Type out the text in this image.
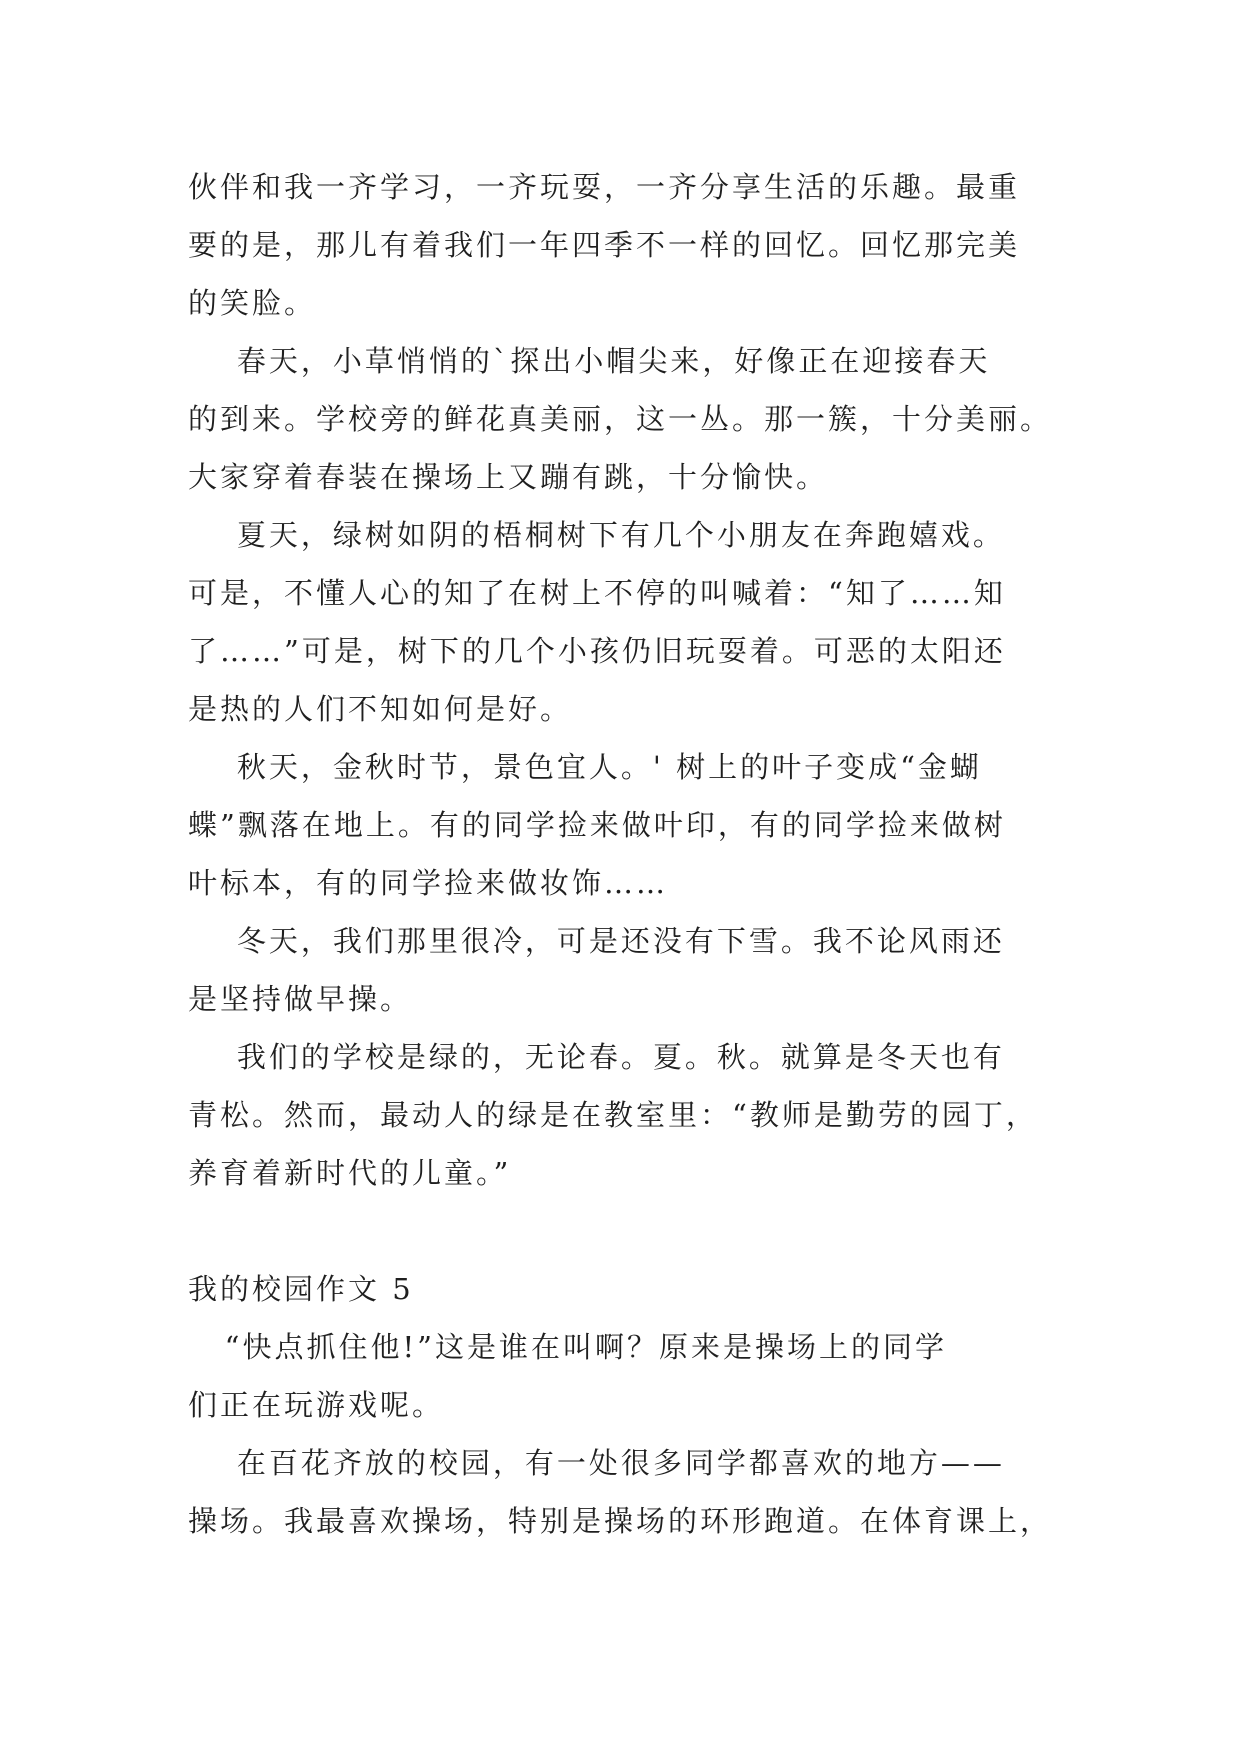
伙伴和我一齐学习，一齐玩耍，一齐分享生活的乐趣。最重
要的是，那儿有着我们一年四季不一样的回忆。回忆那完美
的笑脸。
春天，小草悄悄的`探出小帽尖来，好像正在迎接春天
的到来。学校旁的鲜花真美丽，这一丛。那一簇，十分美丽。
大家穿着春装在操场上又蹦有跳，十分愉快。
夏天，绿树如阴的梧桐树下有几个小朋友在奔跑嬉戏。
可是，不懂人心的知了在树上不停的叫喊着：“知了……知
了……”可是，树下的几个小孩仍旧玩耍着。可恶的太阳还
是热的人们不知如何是好。
秋天，金秋时节，景色宜人。' 树上的叶子变成“金蝴
蝶”飘落在地上。有的同学捡来做叶印，有的同学捡来做树
叶标本，有的同学捡来做妆饰……
冬天，我们那里很冷，可是还没有下雪。我不论风雨还
是坚持做早操。
我们的学校是绿的，无论春。夏。秋。就算是冬天也有
青松。然而，最动人的绿是在教室里：“教师是勤劳的园丁，
养育着新时代的儿童。”
我的校园作文 5
“快点抓住他!”这是谁在叫啊？原来是操场上的同学
们正在玩游戏呢。
在百花齐放的校园，有一处很多同学都喜欢的地方——
操场。我最喜欢操场，特别是操场的环形跑道。在体育课上，
